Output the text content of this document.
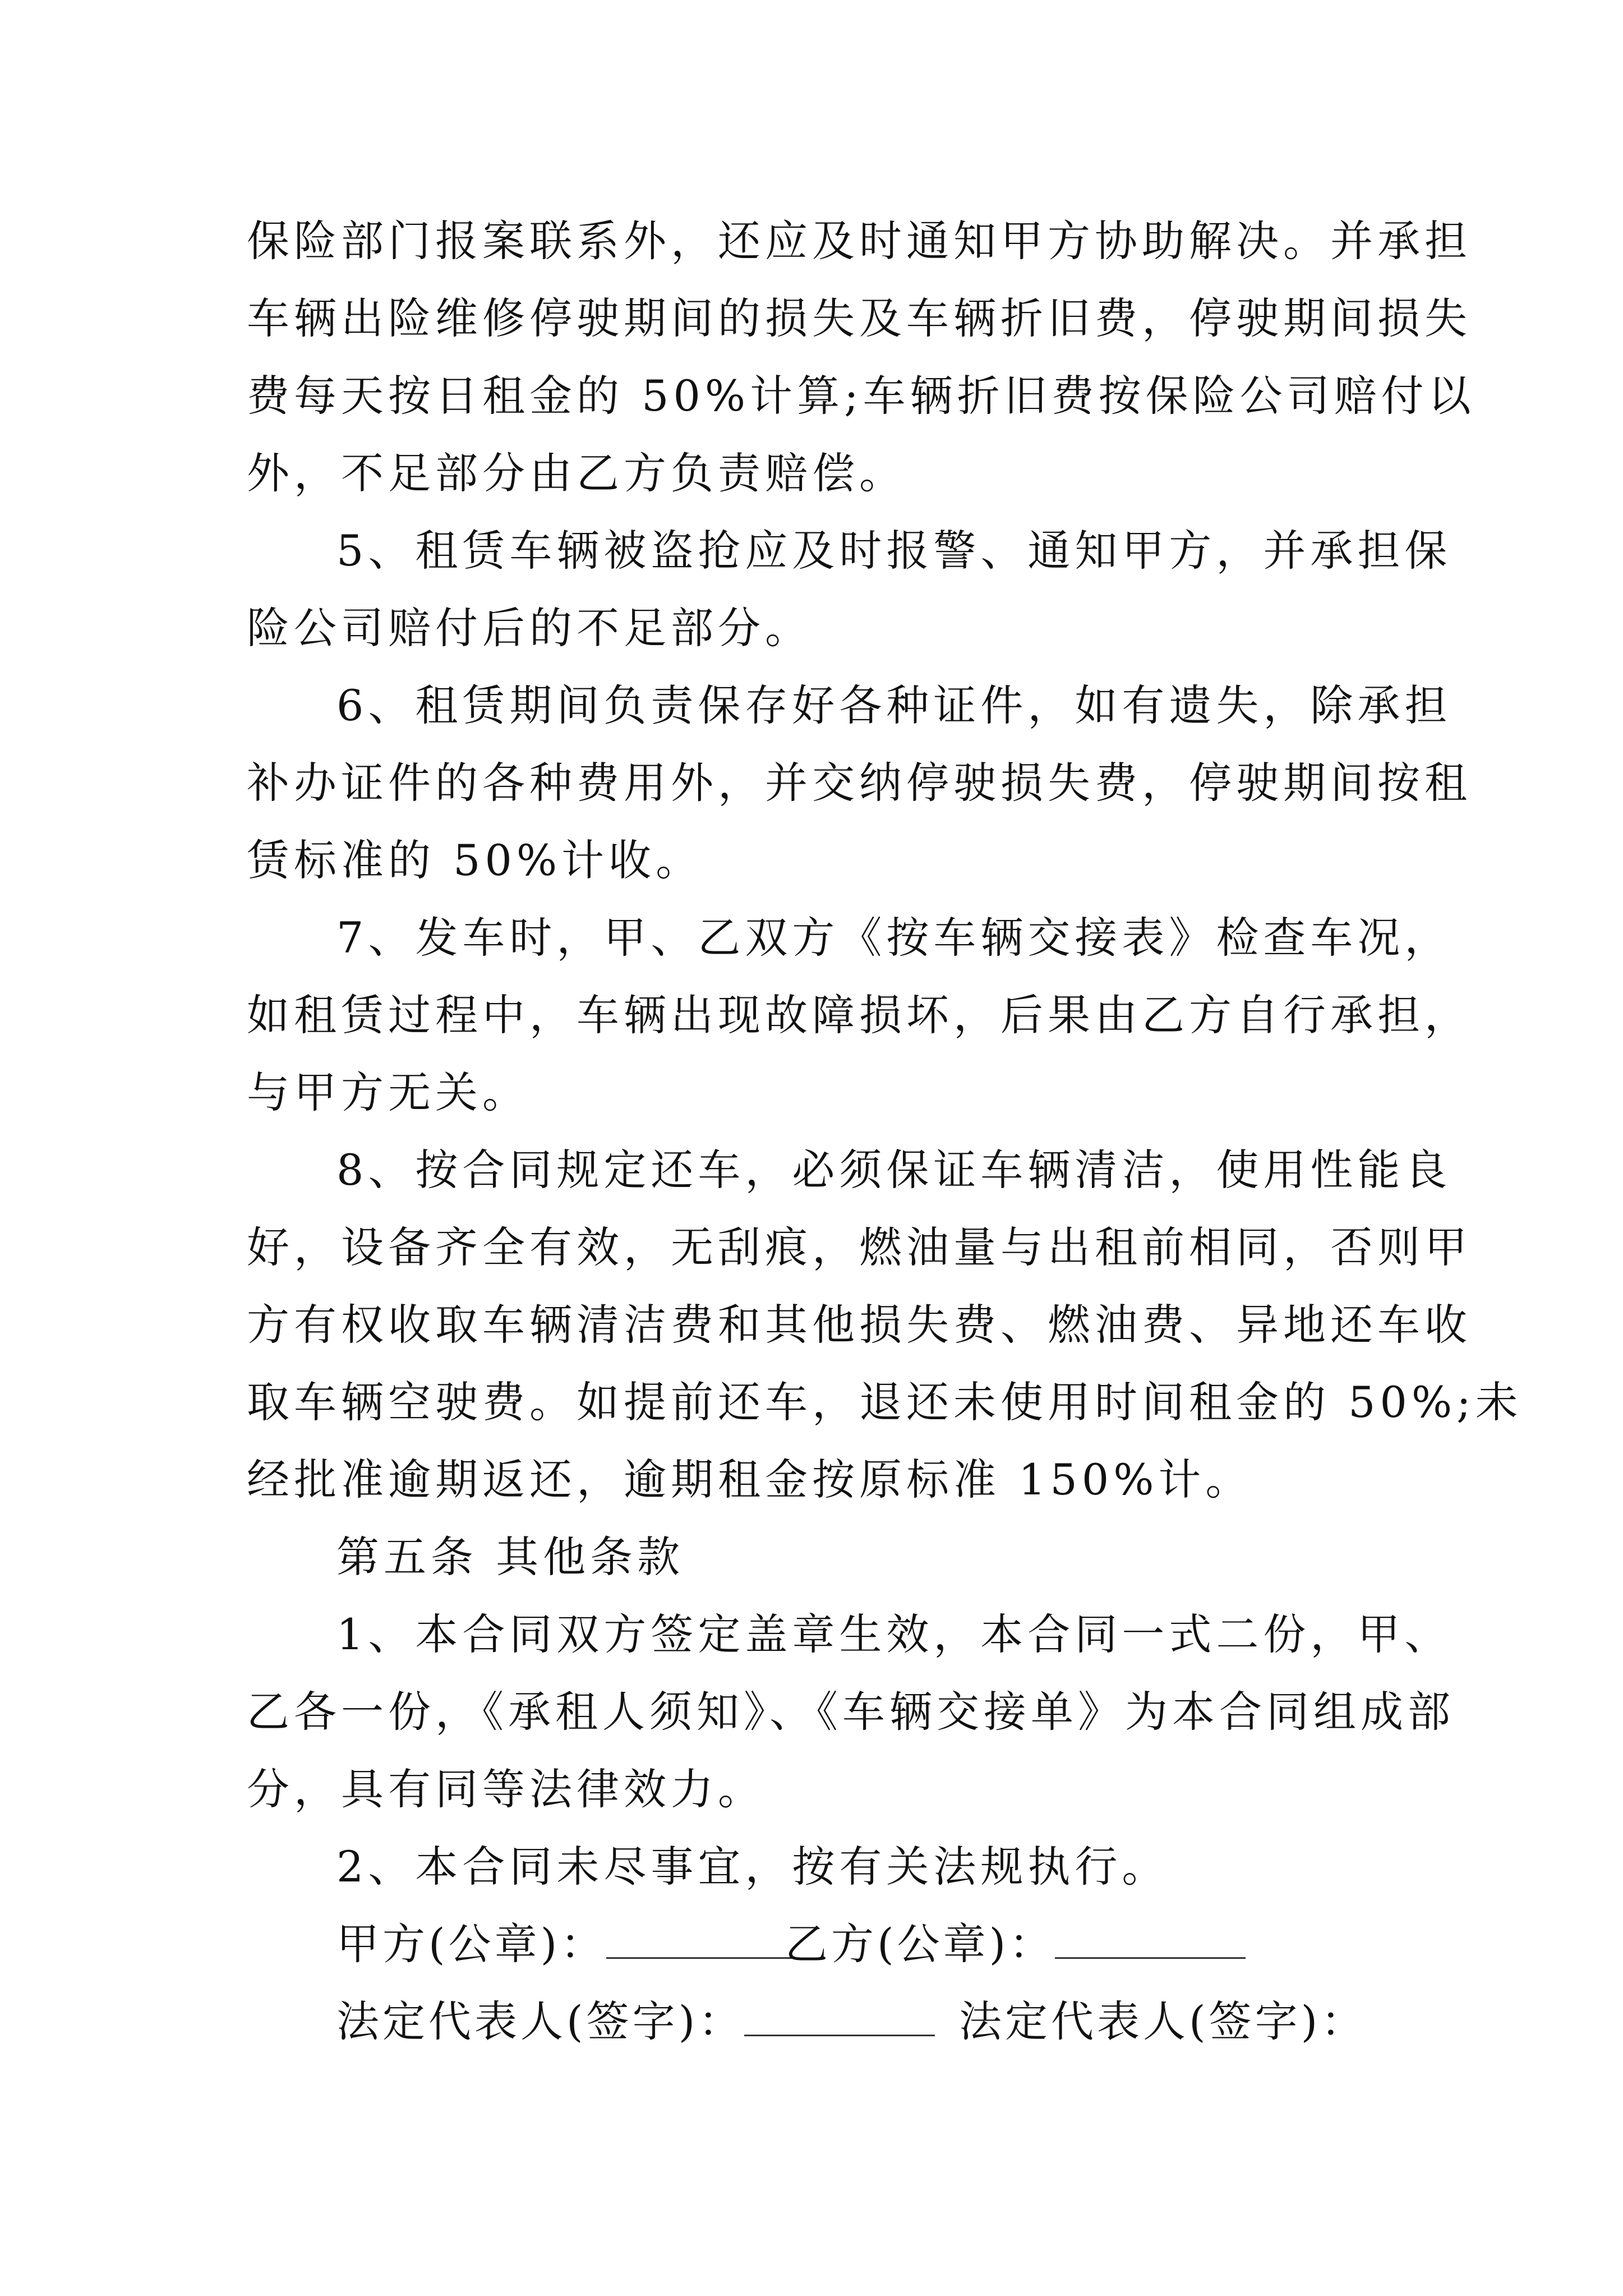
保险部门报案联系外，还应及时通知甲方协助解决。并承担
车辆出险维修停驶期间的损失及车辆折旧费，停驶期间损失
费每天按日租金的 50%计算;车辆折旧费按保险公司赔付以
外，不足部分由乙方负责赔偿。
5、租赁车辆被盗抢应及时报警、通知甲方，并承担保
险公司赔付后的不足部分。
6、租赁期间负责保存好各种证件，如有遗失，除承担
补办证件的各种费用外，并交纳停驶损失费，停驶期间按租
赁标准的 50%计收。
7、发车时，甲、乙双方《按车辆交接表》检查车况，
如租赁过程中，车辆出现故障损坏，后果由乙方自行承担，
与甲方无关。
8、按合同规定还车，必须保证车辆清洁，使用性能良
好，设备齐全有效，无刮痕，燃油量与出租前相同，否则甲
方有权收取车辆清洁费和其他损失费、燃油费、异地还车收
取车辆空驶费。如提前还车，退还未使用时间租金的 50%;未
经批准逾期返还，逾期租金按原标准 150%计。
第五条 其他条款
1、本合同双方签定盖章生效，本合同一式二份，甲、
乙各一份，《承租人须知》、《车辆交接单》为本合同组成部
分，具有同等法律效力。
2、本合同未尽事宜，按有关法规执行。
甲方(公章)：	乙方(公章)：
法定代表人(签字)：	法定代表人(签字)：
